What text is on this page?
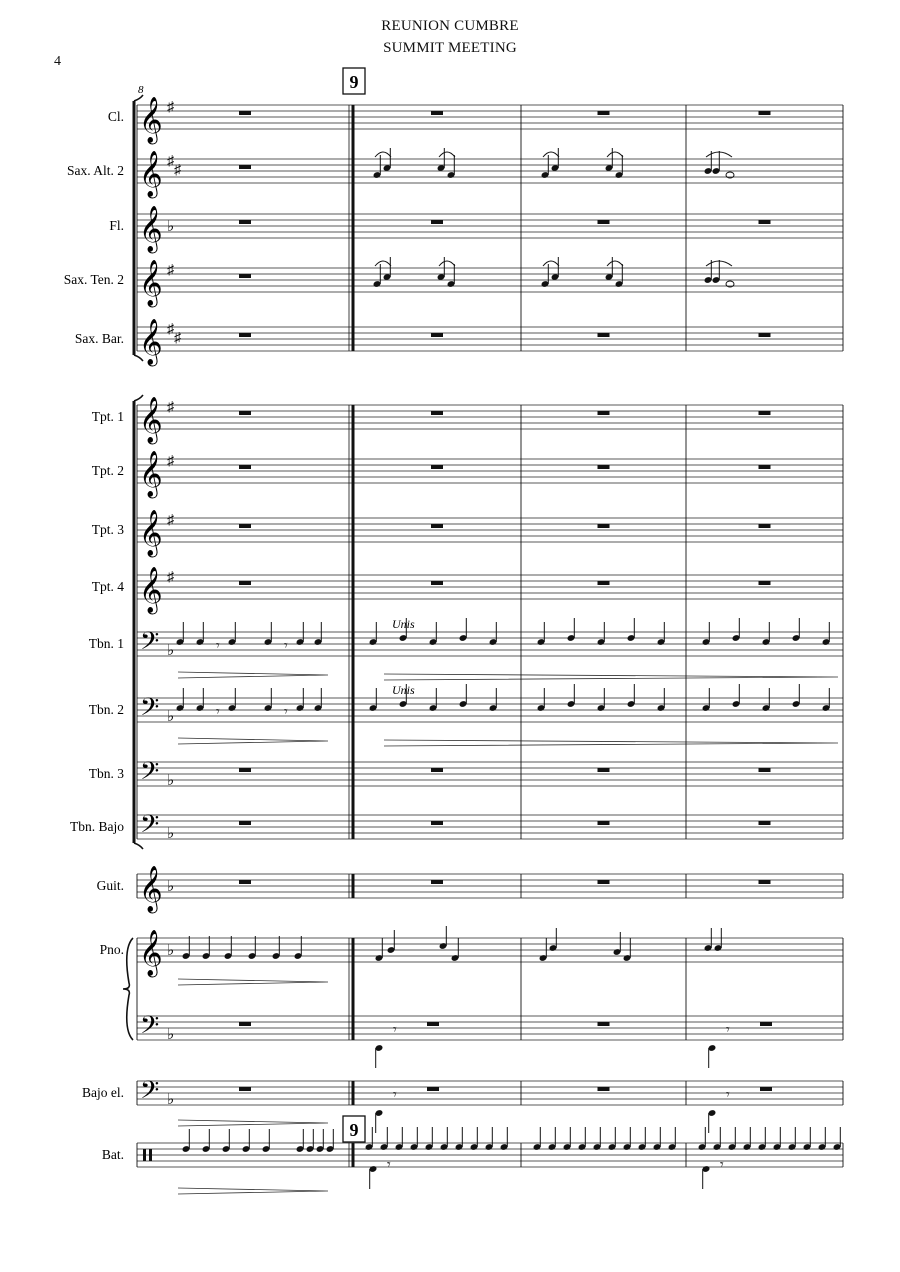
4
REUNION CUMBRE
SUMMIT MEETING
𝄞 ♯
Cl.
𝄞 ♯
♯
Sax. Alt. 2
𝄞 ♭
Fl.
𝄞 ♯
Sax. Ten. 2
𝄞 ♯
♯
Sax. Bar.
𝄞 ♯
Tpt. 1
𝄞 ♯
Tpt. 2
𝄞 ♯
Tpt. 3
𝄞 ♯
Tpt. 4
𝄢 ♭
Tbn. 1	𝄾	𝄾
Unis
𝄢 ♭
Tbn. 2	𝄾	𝄾
Unis
𝄢 ♭
Tbn. 3
𝄢 ♭
Tbn. Bajo
𝄞 ♭
Guit.
𝄞 ♭
Pno.
𝄢 ♭	𝄾	𝄾
𝄢 ♭
Bajo el.	𝄾	𝄾
Bat.
𝄾	𝄾
8	9
9
